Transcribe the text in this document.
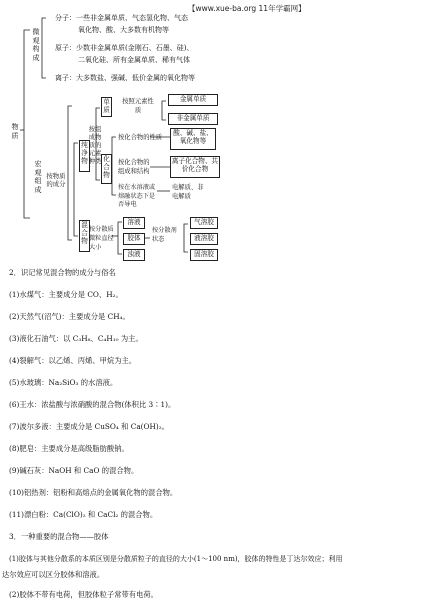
【www.xue-ba.org 11年学霸网】
物质
微观构成
分子：一些非金属单质、气态氢化物、气态
氧化物、酸、大多数有机物等
原子：少数非金属单质(金刚石、石墨、硅)、
二氧化硅、所有金属单质、稀有气体
离子：大多数盐、强碱、低价金属的氧化物等
宏观组成
按物质的成分
纯净物
混合物
按组成物质的元素种类
单质
化合物
按照元素性质
金属单质
非金属单质
按化合物的性质
酸、碱、盐、氧化物等
按化合物的组成和结构
离子化合物、共价化合物
按在水溶液或熔融状态下是否导电
电解质、非电解质
按分散质微粒直径大小
溶液
胶体
浊液
按分散剂状态
气溶胶
液溶胶
固溶胶
2．识记常见混合物的成分与俗名
(1)水煤气：主要成分是 CO、H₂。
(2)天然气(沼气)：主要成分是 CH₄。
(3)液化石油气：以 C₃H₈、C₄H₁₀ 为主。
(4)裂解气：以乙烯、丙烯、甲烷为主。
(5)水玻璃：Na₂SiO₃ 的水溶液。
(6)王水：浓盐酸与浓硝酸的混合物(体积比 3∶1)。
(7)波尔多液：主要成分是 CuSO₄ 和 Ca(OH)₂。
(8)肥皂：主要成分是高级脂肪酸钠。
(9)碱石灰：NaOH 和 CaO 的混合物。
(10)铝热剂：铝粉和高熔点的金属氧化物的混合物。
(11)漂白粉：Ca(ClO)₂ 和 CaCl₂ 的混合物。
3．一种重要的混合物——胶体
(1)胶体与其他分散系的本质区别是分散质粒子的直径的大小(1～100 nm)，胶体的特性是丁达尔效应；利用
达尔效应可以区分胶体和溶液。
(2)胶体不带有电荷，但胶体粒子常带有电荷。
